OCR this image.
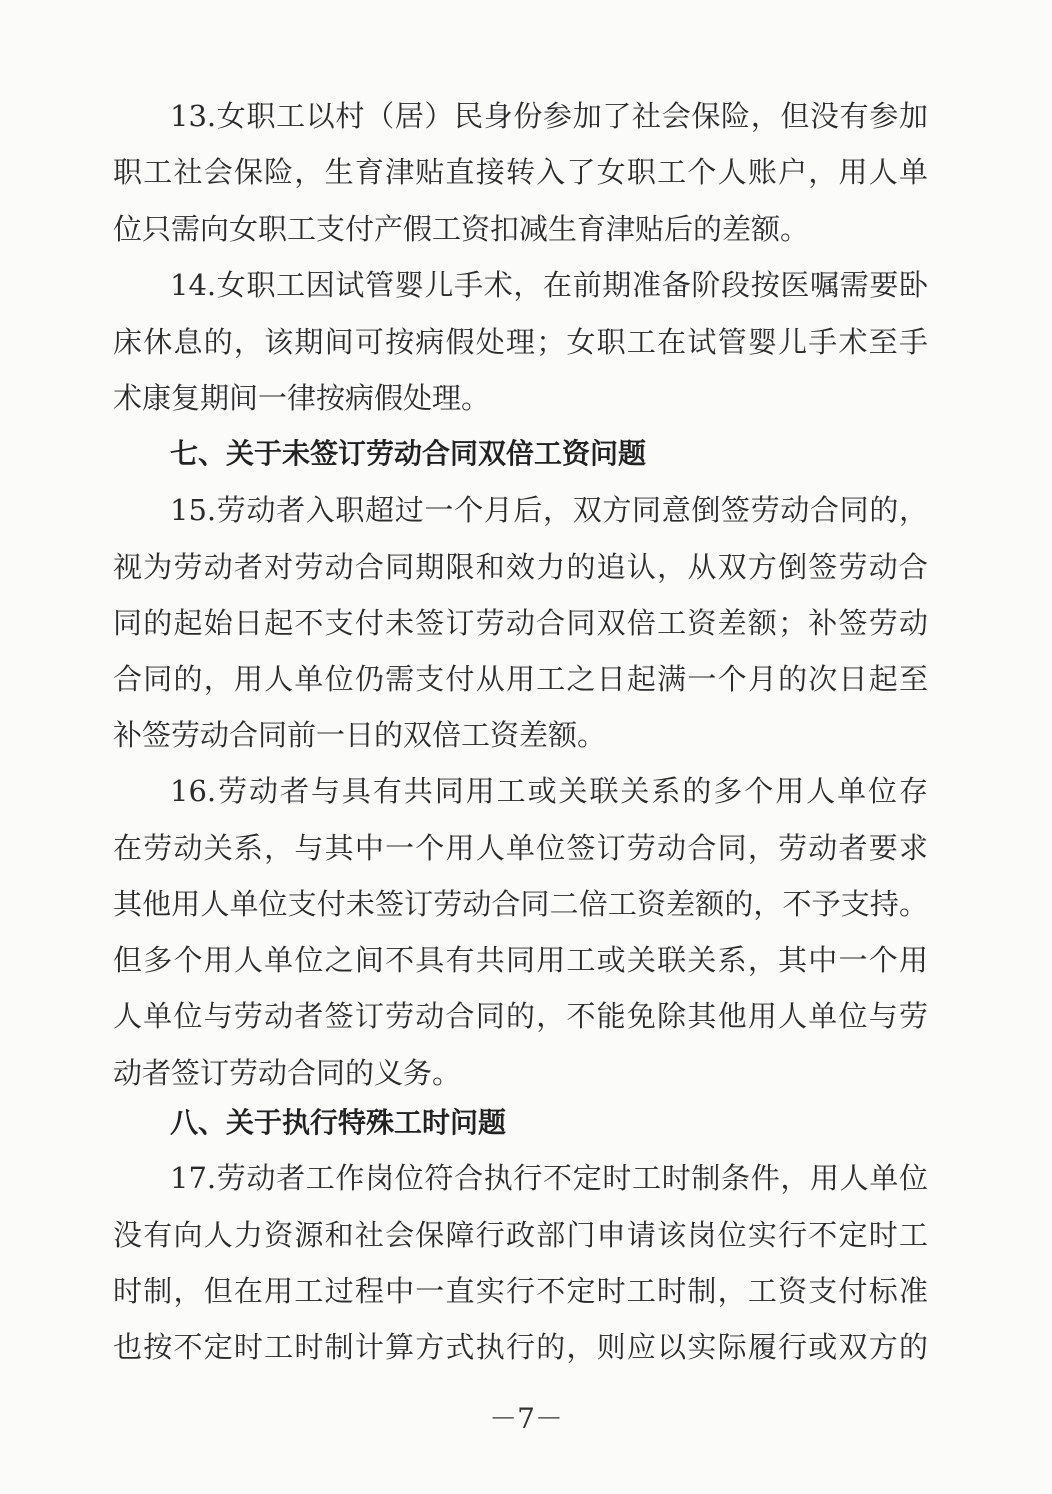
13.女职工以村（居）民身份参加了社会保险，但没有参加
职工社会保险，生育津贴直接转入了女职工个人账户，用人单
位只需向女职工支付产假工资扣减生育津贴后的差额。
14.女职工因试管婴儿手术，在前期准备阶段按医嘱需要卧
床休息的，该期间可按病假处理；女职工在试管婴儿手术至手
术康复期间一律按病假处理。
七、关于未签订劳动合同双倍工资问题
15.劳动者入职超过一个月后，双方同意倒签劳动合同的，
视为劳动者对劳动合同期限和效力的追认，从双方倒签劳动合
同的起始日起不支付未签订劳动合同双倍工资差额；补签劳动
合同的，用人单位仍需支付从用工之日起满一个月的次日起至
补签劳动合同前一日的双倍工资差额。
16.劳动者与具有共同用工或关联关系的多个用人单位存
在劳动关系，与其中一个用人单位签订劳动合同，劳动者要求
其他用人单位支付未签订劳动合同二倍工资差额的，不予支持。
但多个用人单位之间不具有共同用工或关联关系，其中一个用
人单位与劳动者签订劳动合同的，不能免除其他用人单位与劳
动者签订劳动合同的义务。
八、关于执行特殊工时问题
17.劳动者工作岗位符合执行不定时工时制条件，用人单位
没有向人力资源和社会保障行政部门申请该岗位实行不定时工
时制，但在用工过程中一直实行不定时工时制，工资支付标准
也按不定时工时制计算方式执行的，则应以实际履行或双方的
－7－
